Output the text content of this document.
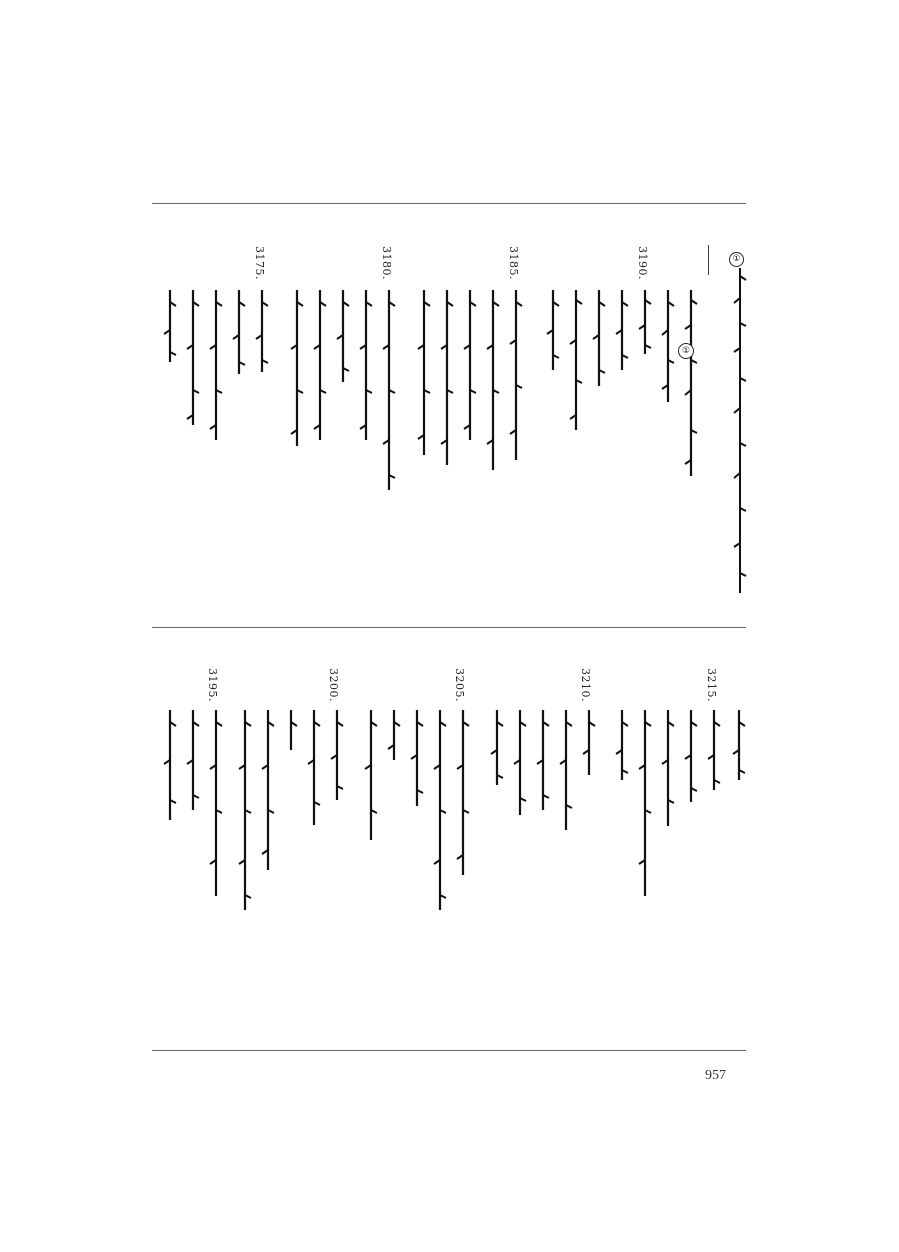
①
①
3190.
3185.
3180.
3175.
3215.
3210.
3205.
3200.
3195.
957
